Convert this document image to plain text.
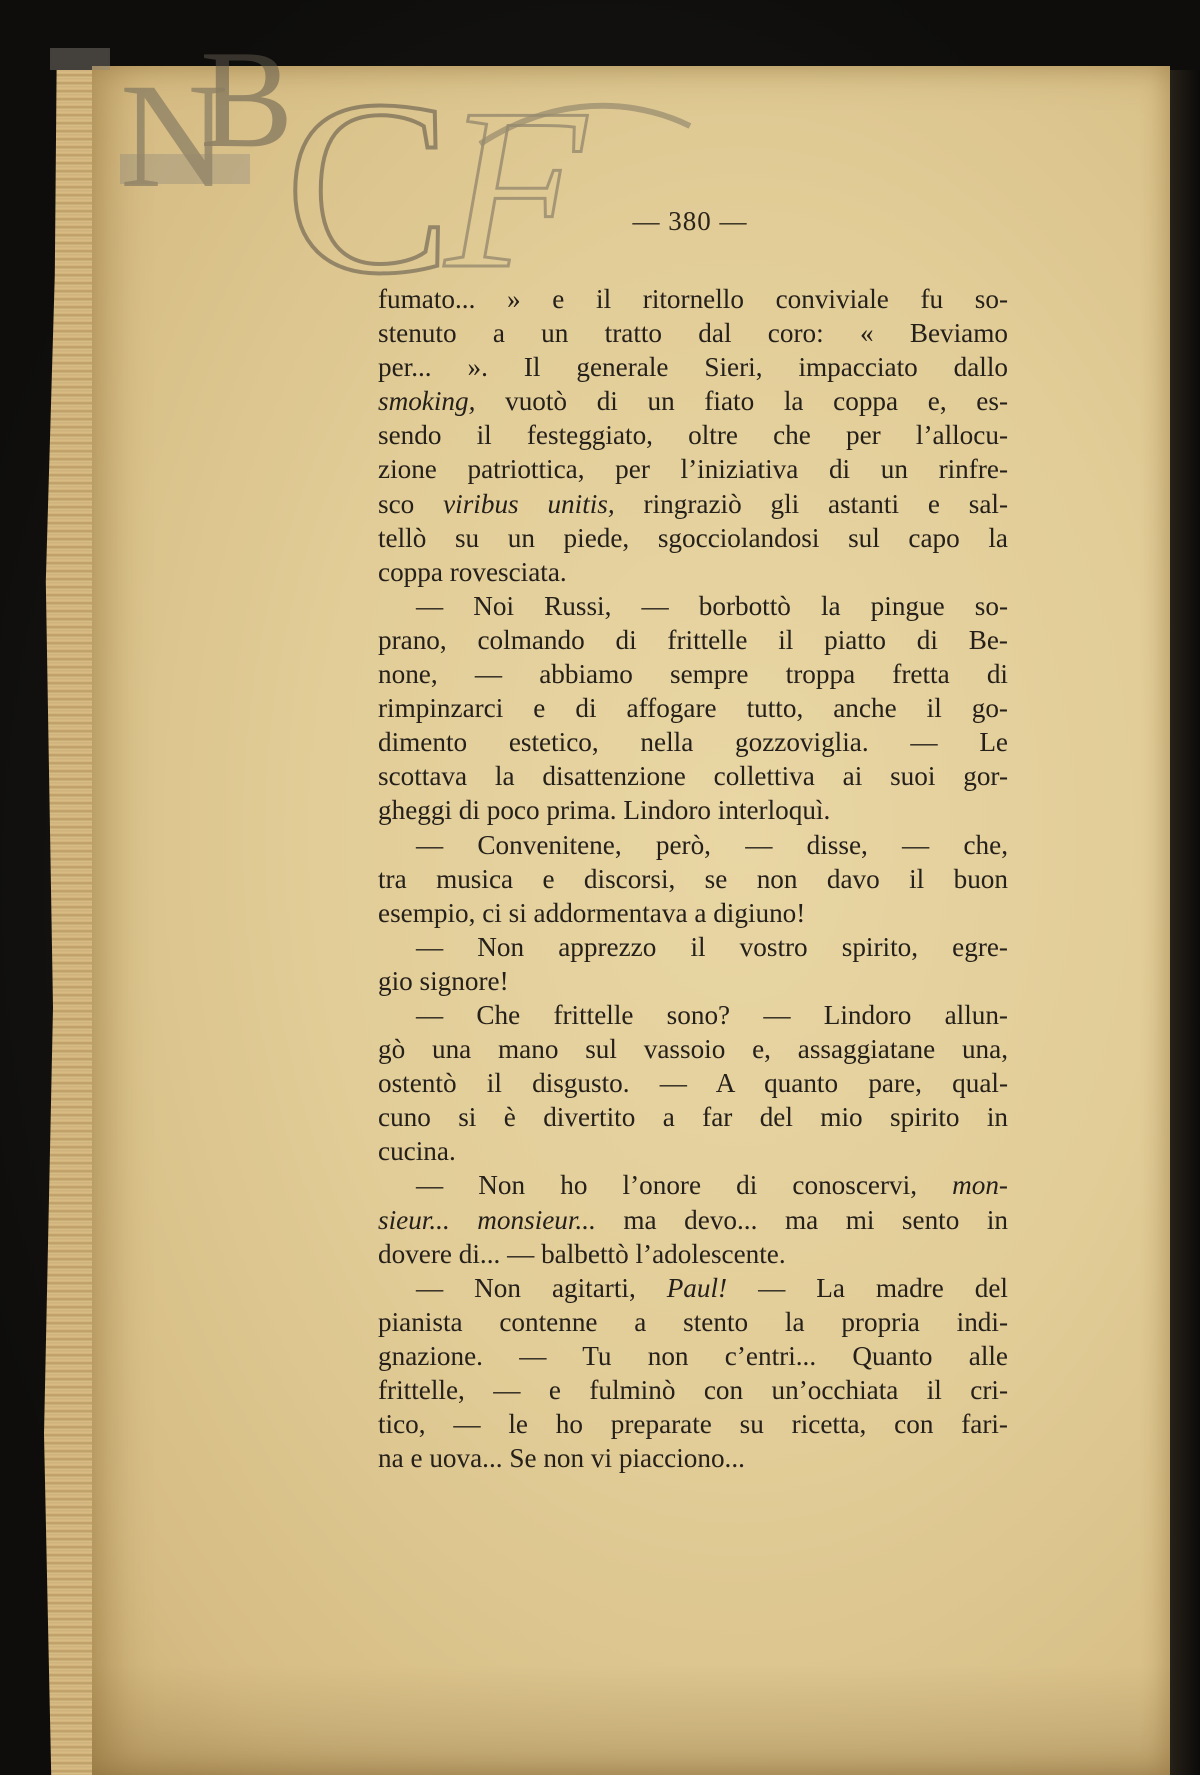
N
B
C
F	— 380 —
fumato... » e il ritornello conviviale fu so-
stenuto a un tratto dal coro: « Beviamo
per... ». Il generale Sieri, impacciato dallo
smoking, vuotò di un fiato la coppa e, es-
sendo il festeggiato, oltre che per l’allocu-
zione patriottica, per l’iniziativa di un rinfre-
sco viribus unitis, ringraziò gli astanti e sal-
tellò su un piede, sgocciolandosi sul capo la
coppa rovesciata.
— Noi Russi, — borbottò la pingue so-
prano, colmando di frittelle il piatto di Be-
none, — abbiamo sempre troppa fretta di
rimpinzarci e di affogare tutto, anche il go-
dimento estetico, nella gozzoviglia. — Le
scottava la disattenzione collettiva ai suoi gor-
gheggi di poco prima. Lindoro interloquì.
— Convenitene, però, — disse, — che,
tra musica e discorsi, se non davo il buon
esempio, ci si addormentava a digiuno!
— Non apprezzo il vostro spirito, egre-
gio signore!
— Che frittelle sono? — Lindoro allun-
gò una mano sul vassoio e, assaggiatane una,
ostentò il disgusto. — A quanto pare, qual-
cuno si è divertito a far del mio spirito in
cucina.
— Non ho l’onore di conoscervi, mon-
sieur... monsieur... ma devo... ma mi sento in
dovere di... — balbettò l’adolescente.
— Non agitarti, Paul! — La madre del
pianista contenne a stento la propria indi-
gnazione. — Tu non c’entri... Quanto alle
frittelle, — e fulminò con un’occhiata il cri-
tico, — le ho preparate su ricetta, con fari-
na e uova... Se non vi piacciono...
